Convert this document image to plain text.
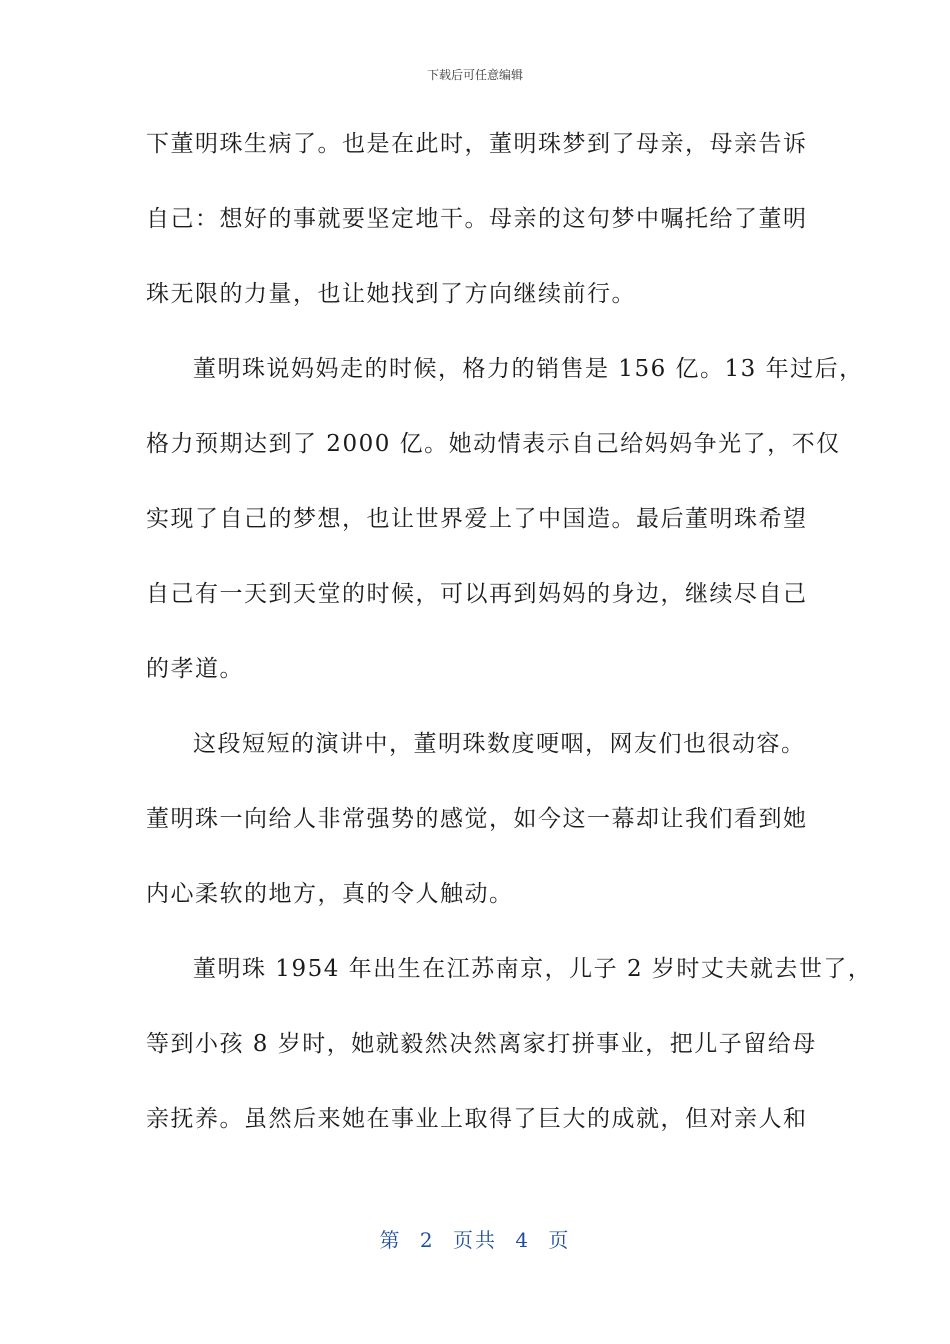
下载后可任意编辑
下董明珠生病了。也是在此时，董明珠梦到了母亲，母亲告诉
自己：想好的事就要坚定地干。母亲的这句梦中嘱托给了董明
珠无限的力量，也让她找到了方向继续前行。
董明珠说妈妈走的时候，格力的销售是 156 亿。13 年过后，
格力预期达到了 2000 亿。她动情表示自己给妈妈争光了，不仅
实现了自己的梦想，也让世界爱上了中国造。最后董明珠希望
自己有一天到天堂的时候，可以再到妈妈的身边，继续尽自己
的孝道。
这段短短的演讲中，董明珠数度哽咽，网友们也很动容。
董明珠一向给人非常强势的感觉，如今这一幕却让我们看到她
内心柔软的地方，真的令人触动。
董明珠 1954 年出生在江苏南京，儿子 2 岁时丈夫就去世了，
等到小孩 8 岁时，她就毅然决然离家打拼事业，把儿子留给母
亲抚养。虽然后来她在事业上取得了巨大的成就，但对亲人和
第 2 页共 4 页
